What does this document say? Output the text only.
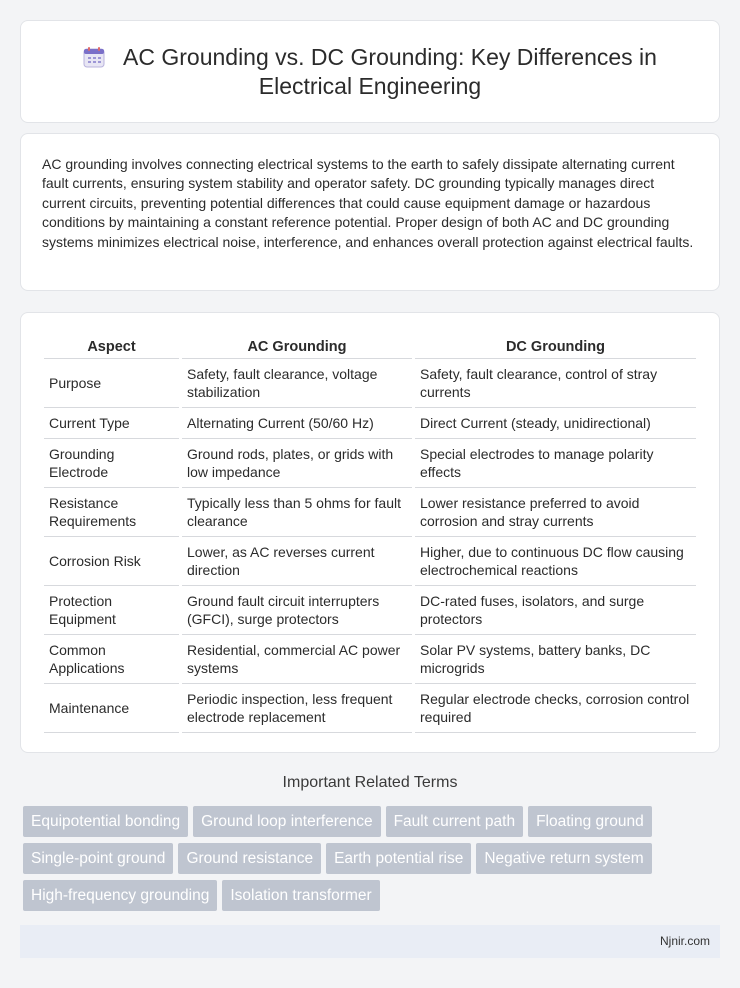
AC Grounding vs. DC Grounding: Key Differences in
Electrical Engineering

AC grounding involves connecting electrical systems to the earth to safely dissipate alternating current fault currents, ensuring system stability and operator safety. DC grounding typically manages direct current circuits, preventing potential differences that could cause equipment damage or hazardous conditions by maintaining a constant reference potential. Proper design of both AC and DC grounding systems minimizes electrical noise, interference, and enhances overall protection against electrical faults.

Aspect	AC Grounding	DC Grounding
Purpose	Safety, fault clearance, voltage stabilization	Safety, fault clearance, control of stray currents
Current Type	Alternating Current (50/60 Hz)	Direct Current (steady, unidirectional)
Grounding Electrode	Ground rods, plates, or grids with low impedance	Special electrodes to manage polarity effects
Resistance Requirements	Typically less than 5 ohms for fault clearance	Lower resistance preferred to avoid corrosion and stray currents
Corrosion Risk	Lower, as AC reverses current direction	Higher, due to continuous DC flow causing electrochemical reactions
Protection Equipment	Ground fault circuit interrupters (GFCI), surge protectors	DC-rated fuses, isolators, and surge protectors
Common Applications	Residential, commercial AC power systems	Solar PV systems, battery banks, DC microgrids
Maintenance	Periodic inspection, less frequent electrode replacement	Regular electrode checks, corrosion control required
Important Related Terms
Equipotential bonding Ground loop interference Fault current path Floating ground
Single-point ground Ground resistance Earth potential rise Negative return system
High-frequency grounding Isolation transformer
Njnir.com
